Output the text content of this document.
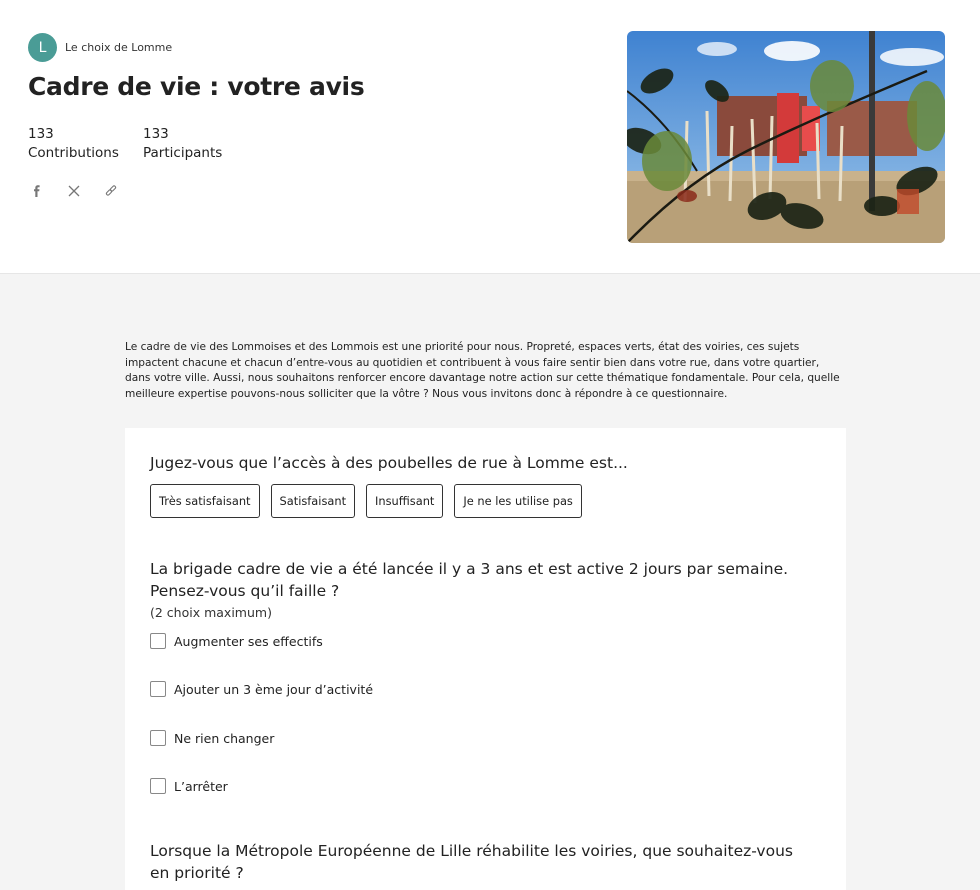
L	Le choix de Lomme
Cadre de vie : votre avis
133
Contributions
133
Participants

Le cadre de vie des Lommoises et des Lommois est une priorité pour nous. Propreté, espaces verts, état des voiries, ces sujets impactent chacune et chacun d’entre-vous au quotidien et contribuent à vous faire sentir bien dans votre rue, dans votre quartier, dans votre ville. Aussi, nous souhaitons renforcer encore davantage notre action sur cette thématique fondamentale. Pour cela, quelle meilleure expertise pouvons-nous solliciter que la vôtre ? Nous vous invitons donc à répondre à ce questionnaire.

Jugez-vous que l’accès à des poubelles de rue à Lomme est...
Très satisfaisant	Satisfaisant	Insuffisant	Je ne les utilise pas
La brigade cadre de vie a été lancée il y a 3 ans et est active 2 jours par semaine. Pensez-vous qu’il faille ?
(2 choix maximum)
Augmenter ses effectifs
Ajouter un 3 ème jour d’activité
Ne rien changer
L’arrêter
Lorsque la Métropole Européenne de Lille réhabilite les voiries, que souhaitez-vous en priorité ?
